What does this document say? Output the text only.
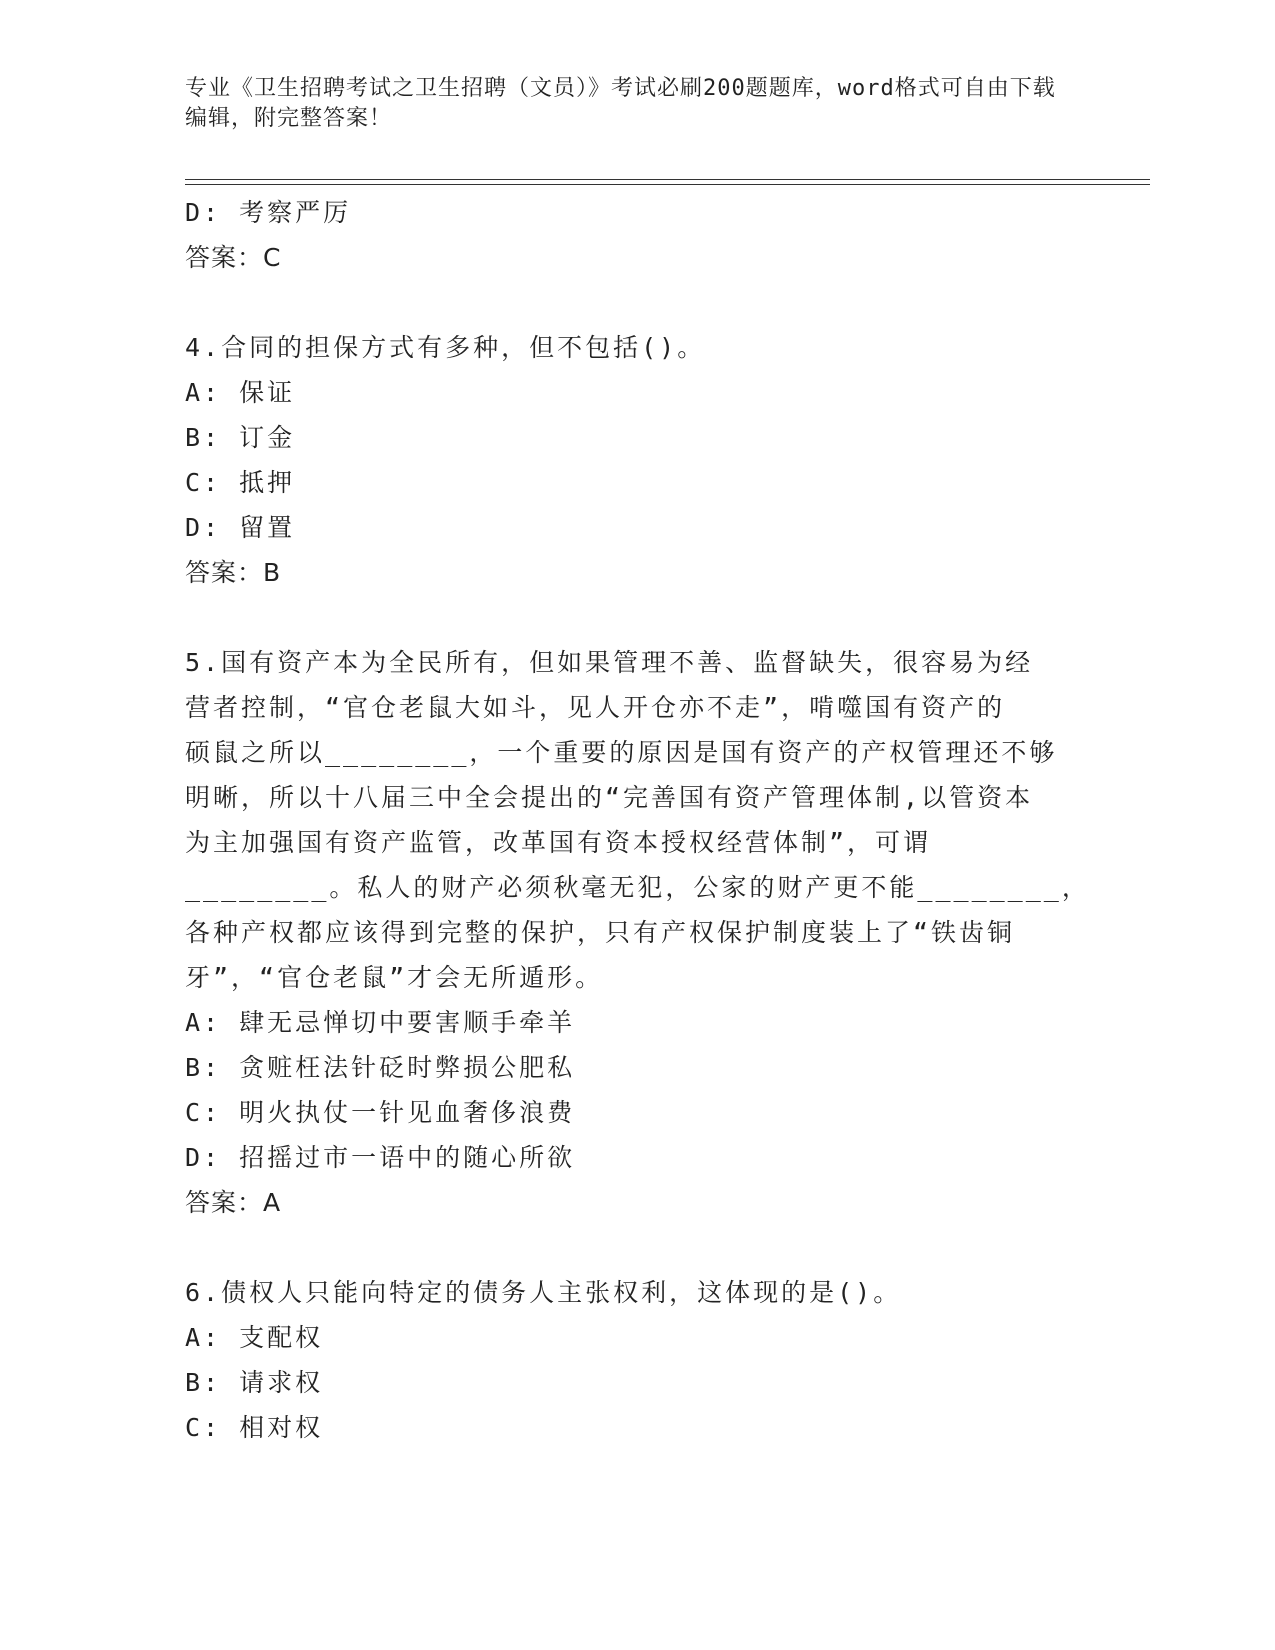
专业《卫生招聘考试之卫生招聘（文员）》考试必刷200题题库，word格式可自由下载编辑，附完整答案！
D: 考察严厉
答案：C
4.合同的担保方式有多种，但不包括()。
A: 保证
B: 订金
C: 抵押
D: 留置
答案：B
5.国有资产本为全民所有，但如果管理不善、监督缺失，很容易为经
营者控制，“官仓老鼠大如斗，见人开仓亦不走”，啃噬国有资产的
硕鼠之所以________，一个重要的原因是国有资产的产权管理还不够
明晰，所以十八届三中全会提出的“完善国有资产管理体制,以管资本
为主加强国有资产监管，改革国有资本授权经营体制”，可谓
________。私人的财产必须秋毫无犯，公家的财产更不能________，
各种产权都应该得到完整的保护，只有产权保护制度装上了“铁齿铜
牙”，“官仓老鼠”才会无所遁形。
A: 肆无忌惮切中要害顺手牵羊
B: 贪赃枉法针砭时弊损公肥私
C: 明火执仗一针见血奢侈浪费
D: 招摇过市一语中的随心所欲
答案：A
6.债权人只能向特定的债务人主张权利，这体现的是()。
A: 支配权
B: 请求权
C: 相对权
